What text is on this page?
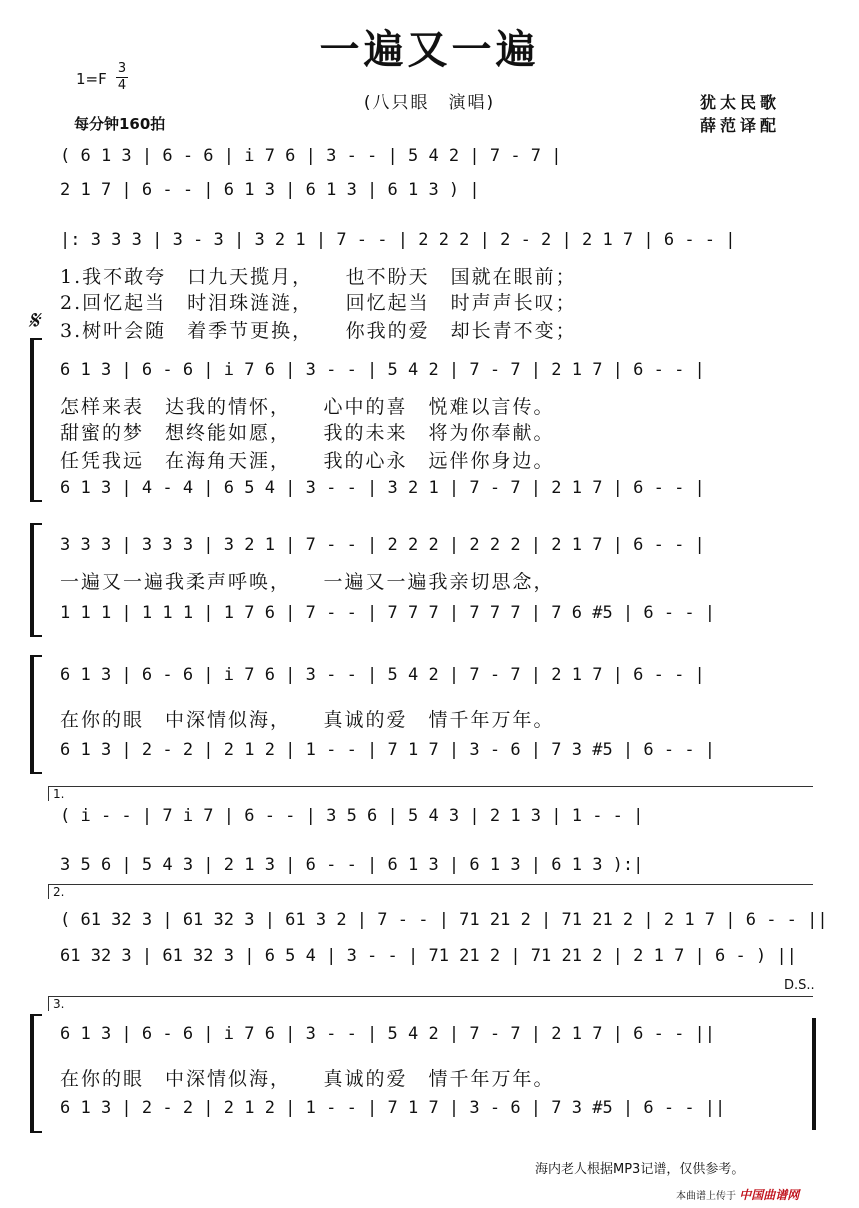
一遍又一遍
1=F
3
4
每分钟160拍
(八只眼　演唱)	犹太民歌
薛范译配
𝄋
1.
2.
3.
( 6 1 3 | 6 - 6 | i 7 6 | 3 - - | 5 4 2 | 7 - 7 |
2 1 7 | 6 - - | 6 1 3 | 6 1 3 | 6 1 3 ) |
|: 3 3 3 | 3 - 3 | 3 2 1 | 7 - - | 2 2 2 | 2 - 2 | 2 1 7 | 6 - - |
1.我不敢夸　口九天揽月，　　也不盼天　国就在眼前；
2.回忆起当　时泪珠涟涟，　　回忆起当　时声声长叹；
3.树叶会随　着季节更换，　　你我的爱　却长青不变；
6 1 3 | 6 - 6 | i 7 6 | 3 - - | 5 4 2 | 7 - 7 | 2 1 7 | 6 - - |
怎样来表　达我的情怀，　　心中的喜　悦难以言传。
甜蜜的梦　想终能如愿，　　我的未来　将为你奉献。
任凭我远　在海角天涯，　　我的心永　远伴你身边。
6 1 3 | 4 - 4 | 6 5 4 | 3 - - | 3 2 1 | 7 - 7 | 2 1 7 | 6 - - |
3 3 3 | 3 3 3 | 3 2 1 | 7 - - | 2 2 2 | 2 2 2 | 2 1 7 | 6 - - |
一遍又一遍我柔声呼唤，　　一遍又一遍我亲切思念，
1 1 1 | 1 1 1 | 1 7 6 | 7 - - | 7 7 7 | 7 7 7 | 7 6 #5 | 6 - - |
6 1 3 | 6 - 6 | i 7 6 | 3 - - | 5 4 2 | 7 - 7 | 2 1 7 | 6 - - |
在你的眼　中深情似海，　　真诚的爱　情千年万年。
6 1 3 | 2 - 2 | 2 1 2 | 1 - - | 7 1 7 | 3 - 6 | 7 3 #5 | 6 - - |
( i - - | 7 i 7 | 6 - - | 3 5 6 | 5 4 3 | 2 1 3 | 1 - - |
3 5 6 | 5 4 3 | 2 1 3 | 6 - - | 6 1 3 | 6 1 3 | 6 1 3 ):|
( 61 32 3 | 61 32 3 | 61 3 2 | 7 - - | 71 21 2 | 71 21 2 | 2 1 7 | 6 - - ||
61 32 3 | 61 32 3 | 6 5 4 | 3 - - | 71 21 2 | 71 21 2 | 2 1 7 | 6 - ) ||
6 1 3 | 6 - 6 | i 7 6 | 3 - - | 5 4 2 | 7 - 7 | 2 1 7 | 6 - - ||
在你的眼　中深情似海，　　真诚的爱　情千年万年。
6 1 3 | 2 - 2 | 2 1 2 | 1 - - | 7 1 7 | 3 - 6 | 7 3 #5 | 6 - - ||
D.S..
海内老人根据MP3记谱，仅供参考。
本曲谱上传于 中国曲谱网
